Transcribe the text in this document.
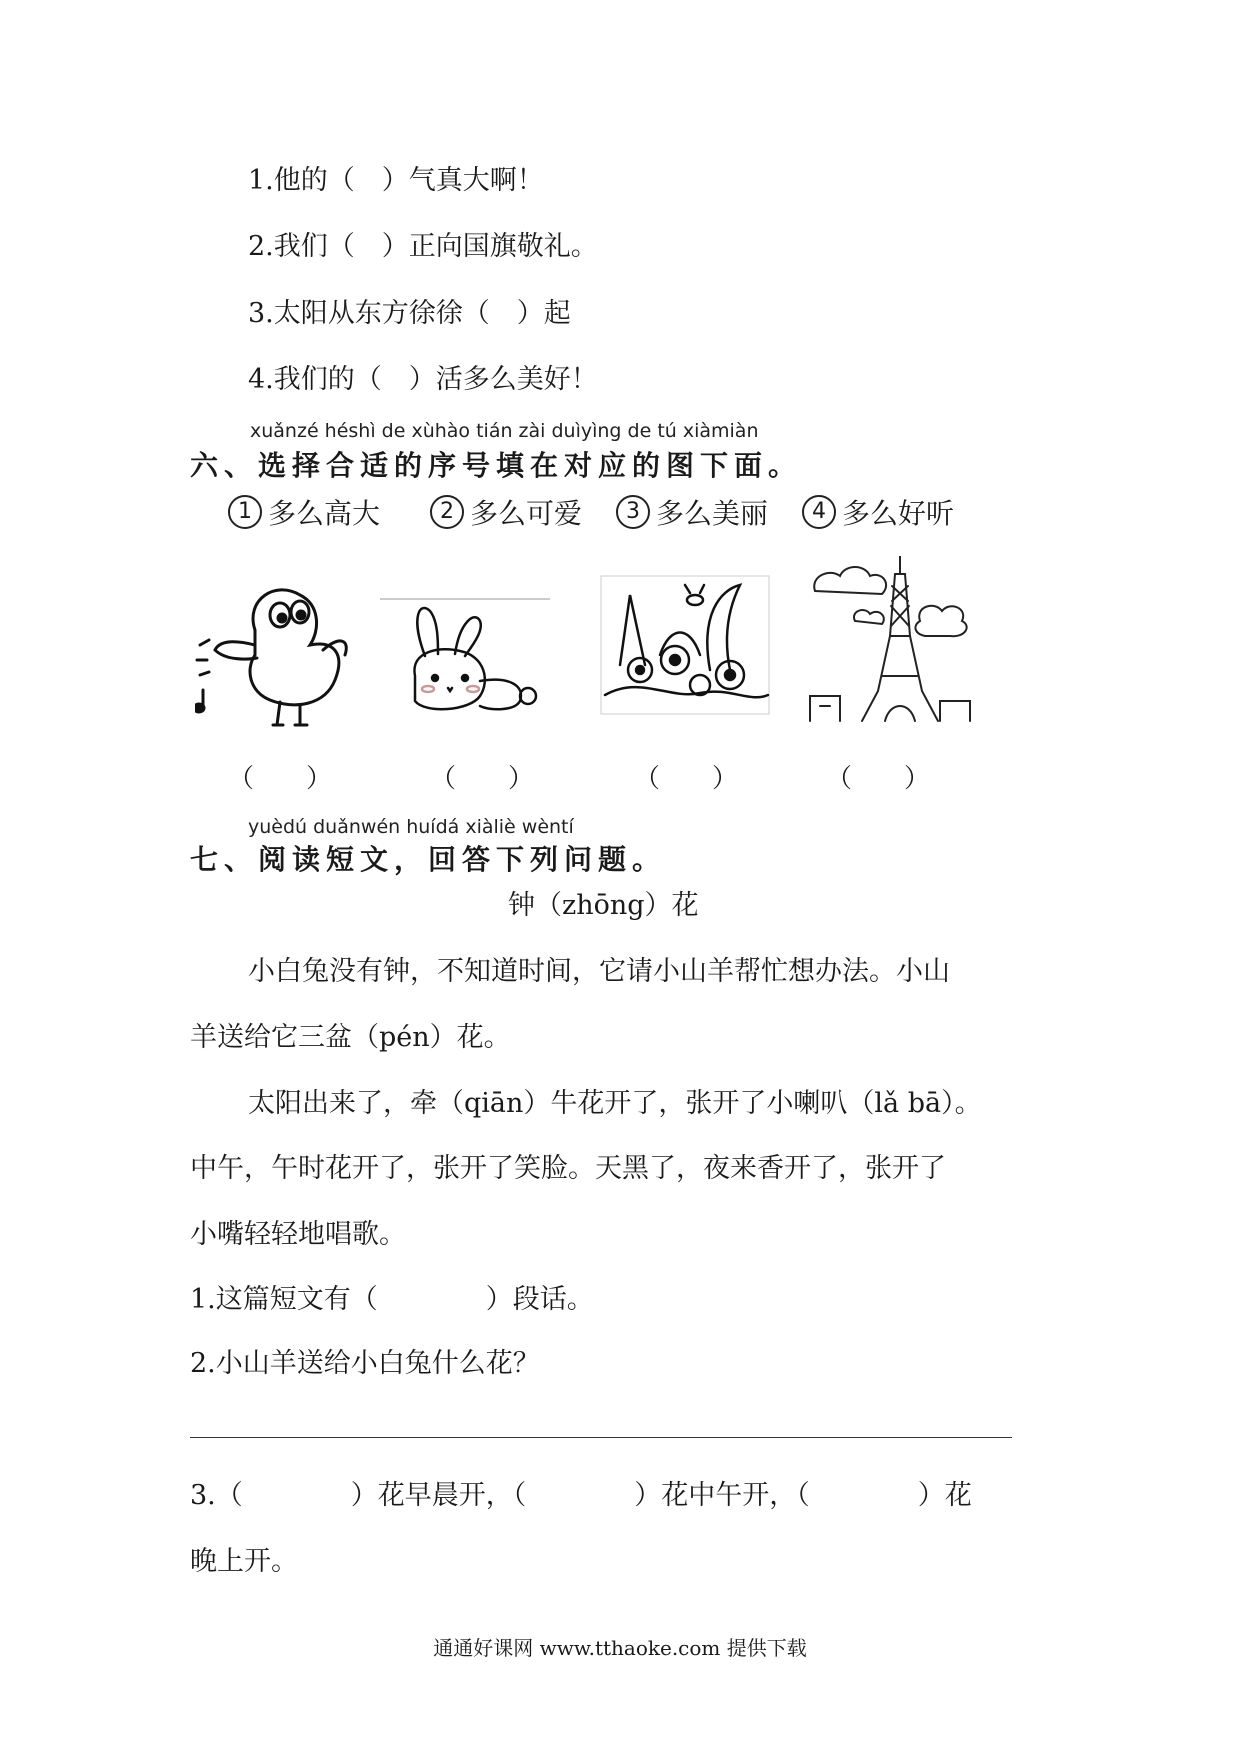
1.他的（　）气真大啊！
2.我们（　）正向国旗敬礼。
3.太阳从东方徐徐（　）起
4.我们的（　）活多么美好！
xuǎnzé héshì de xùhào tián zài duìyìng de tú xiàmiàn
六、选择合适的序号填在对应的图下面。
1 多么高大	2 多么可爱	3 多么美丽	4 多么好听
（　　）	（　　）	（　　）	（　　）
yuèdú duǎnwén huídá xiàliè wèntí
七、阅读短文，回答下列问题。
钟（zhōng）花
小白兔没有钟，不知道时间，它请小山羊帮忙想办法。小山
羊送给它三盆（pén）花。
太阳出来了，牵（qiān）牛花开了，张开了小喇叭（lǎ bā）。
中午，午时花开了，张开了笑脸。天黑了，夜来香开了，张开了
小嘴轻轻地唱歌。
1.这篇短文有（　　　　）段话。
2.小山羊送给小白兔什么花？
3.（　　　　）花早晨开，（　　　　）花中午开，（　　　　）花
晚上开。
通通好课网 www.tthaoke.com 提供下载
